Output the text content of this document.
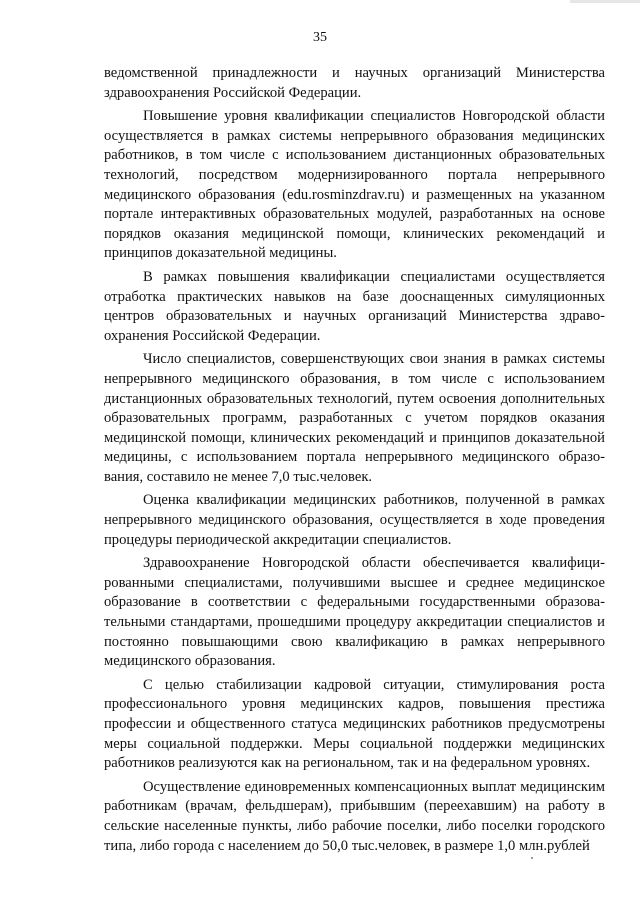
35

ведомственной принадлежности и научных организаций Министерства здравоохранения Российской Федерации.

Повышение уровня квалификации специалистов Новгородской области осуществляется в рамках системы непрерывного образования медицинских работников, в том числе с использованием дистанционных образовательных технологий, посредством модернизированного портала непрерывного медицинского образования (edu.rosminzdrav.ru) и размещенных на указанном портале интерактивных образовательных модулей, разработанных на основе порядков оказания медицинской помощи, клинических рекомендаций и принципов доказательной медицины.

В рамках повышения квалификации специалистами осуществляется отработка практических навыков на базе дооснащенных симуляционных центров образовательных и научных организаций Министерства здравоохранения Российской Федерации.

Число специалистов, совершенствующих свои знания в рамках системы непрерывного медицинского образования, в том числе с использованием дистанционных образовательных технологий, путем освоения дополнительных образовательных программ, разработанных с учетом порядков оказания медицинской помощи, клинических рекомендаций и принципов доказательной медицины, с использованием портала непрерывного медицинского образования, составило не менее 7,0 тыс.человек.

Оценка квалификации медицинских работников, полученной в рамках непрерывного медицинского образования, осуществляется в ходе проведения процедуры периодической аккредитации специалистов.

Здравоохранение Новгородской области обеспечивается квалифицированными специалистами, получившими высшее и среднее медицинское образование в соответствии с федеральными государственными образовательными стандартами, прошедшими процедуру аккредитации специалистов и постоянно повышающими свою квалификацию в рамках непрерывного медицинского образования.

С целью стабилизации кадровой ситуации, стимулирования роста профессионального уровня медицинских кадров, повышения престижа профессии и общественного статуса медицинских работников предусмотрены меры социальной поддержки. Меры социальной поддержки медицинских работников реализуются как на региональном, так и на федеральном уровнях.

Осуществление единовременных компенсационных выплат медицинским работникам (врачам, фельдшерам), прибывшим (переехавшим) на работу в сельские населенные пункты, либо рабочие поселки, либо поселки городского типа, либо города с населением до 50,0 тыс.человек, в размере 1,0 млн.рублей
